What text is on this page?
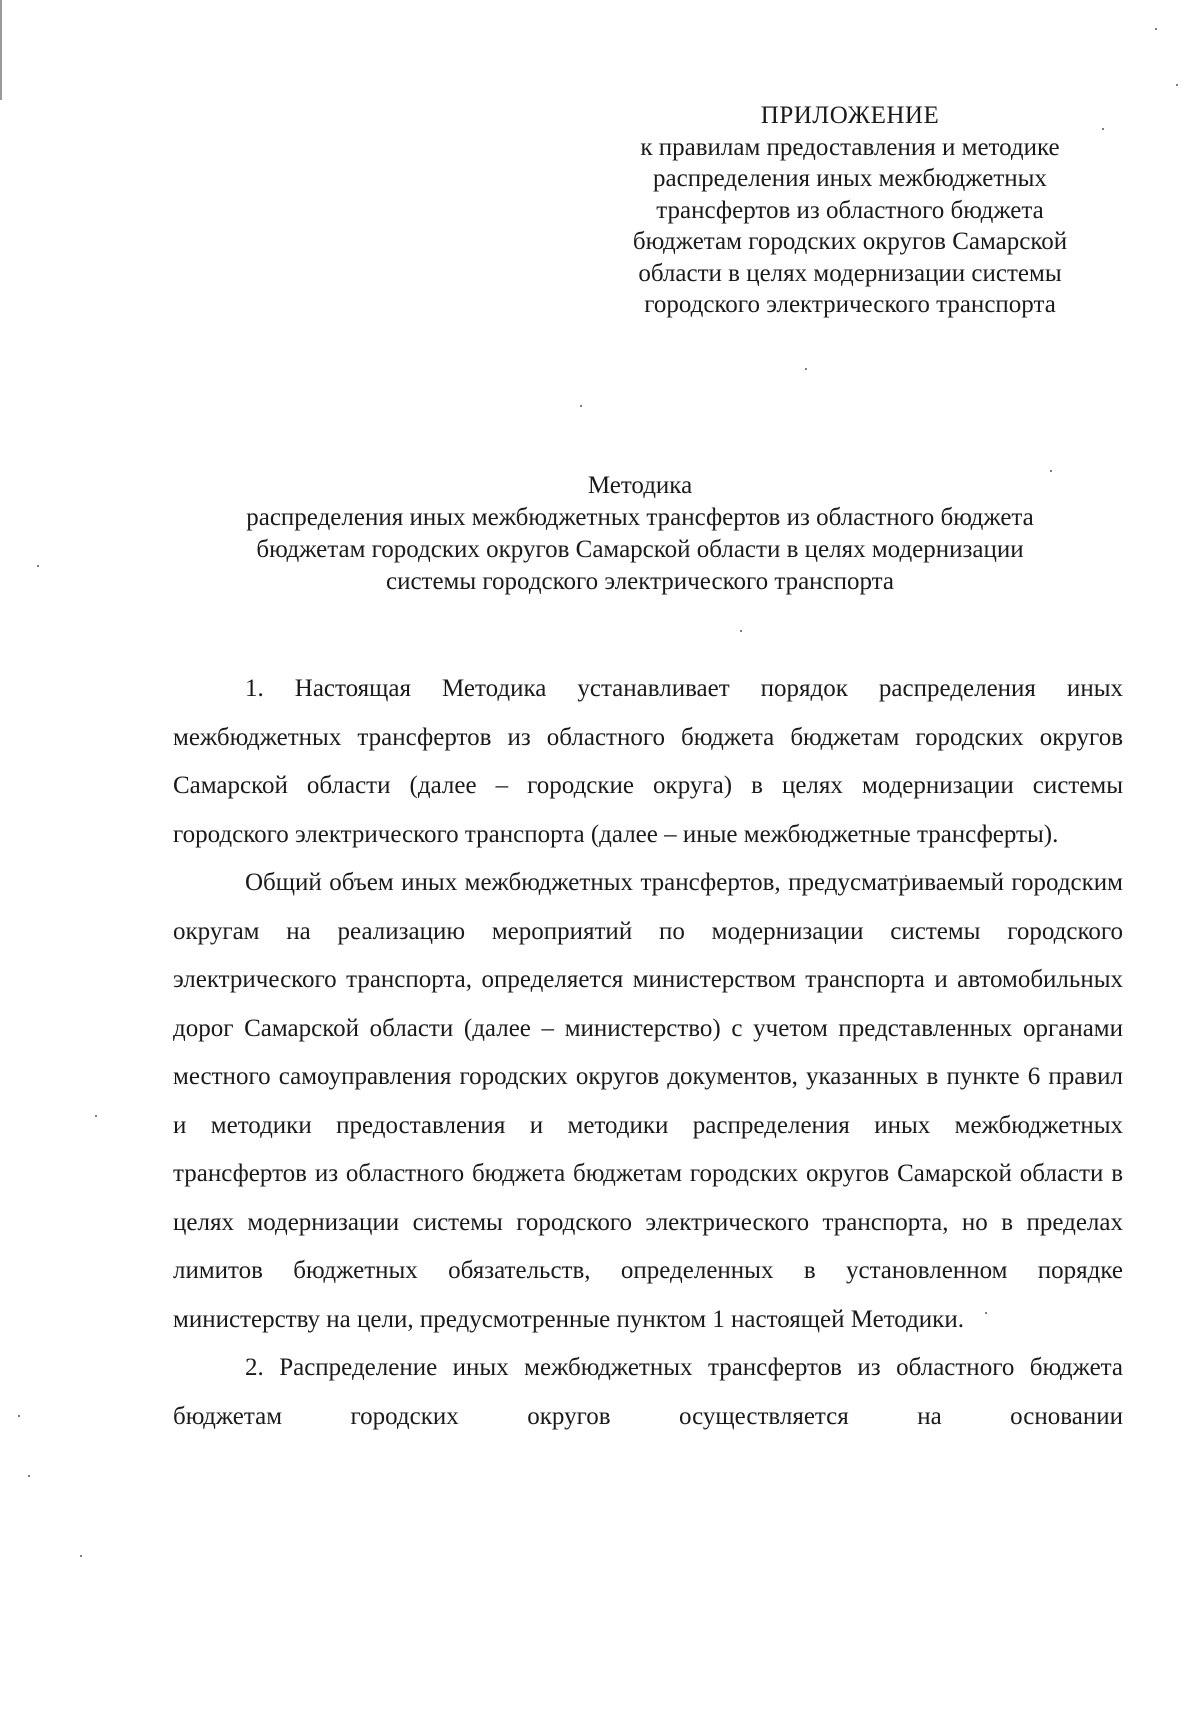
ПРИЛОЖЕНИЕ
к правилам предоставления и методике
распределения иных межбюджетных
трансфертов из областного бюджета
бюджетам городских округов Самарской
области в целях модернизации системы
городского электрического транспорта
Методика
распределения иных межбюджетных трансфертов из областного бюджета
бюджетам городских округов Самарской области в целях модернизации
системы городского электрического транспорта

1. Настоящая Методика устанавливает порядок распределения иных межбюджетных трансфертов из областного бюджета бюджетам городских округов Самарской области (далее – городские округа) в целях модернизации системы городского электрического транспорта (далее – иные межбюджетные трансферты).

Общий объем иных межбюджетных трансфертов, предусматриваемый городским округам на реализацию мероприятий по модернизации системы городского электрического транспорта, определяется министерством транспорта и автомобильных дорог Самарской области (далее – министерство) с учетом представленных органами местного самоуправления городских округов документов, указанных в пункте 6 правил и методики предоставления и методики распределения иных межбюджетных трансфертов из областного бюджета бюджетам городских округов Самарской области в целях модернизации системы городского электрического транспорта, но в пределах лимитов бюджетных обязательств, определенных в установленном порядке министерству на цели, предусмотренные пунктом 1 настоящей Методики.

2. Распределение иных межбюджетных трансфертов из областного бюджета бюджетам городских округов осуществляется на основании
